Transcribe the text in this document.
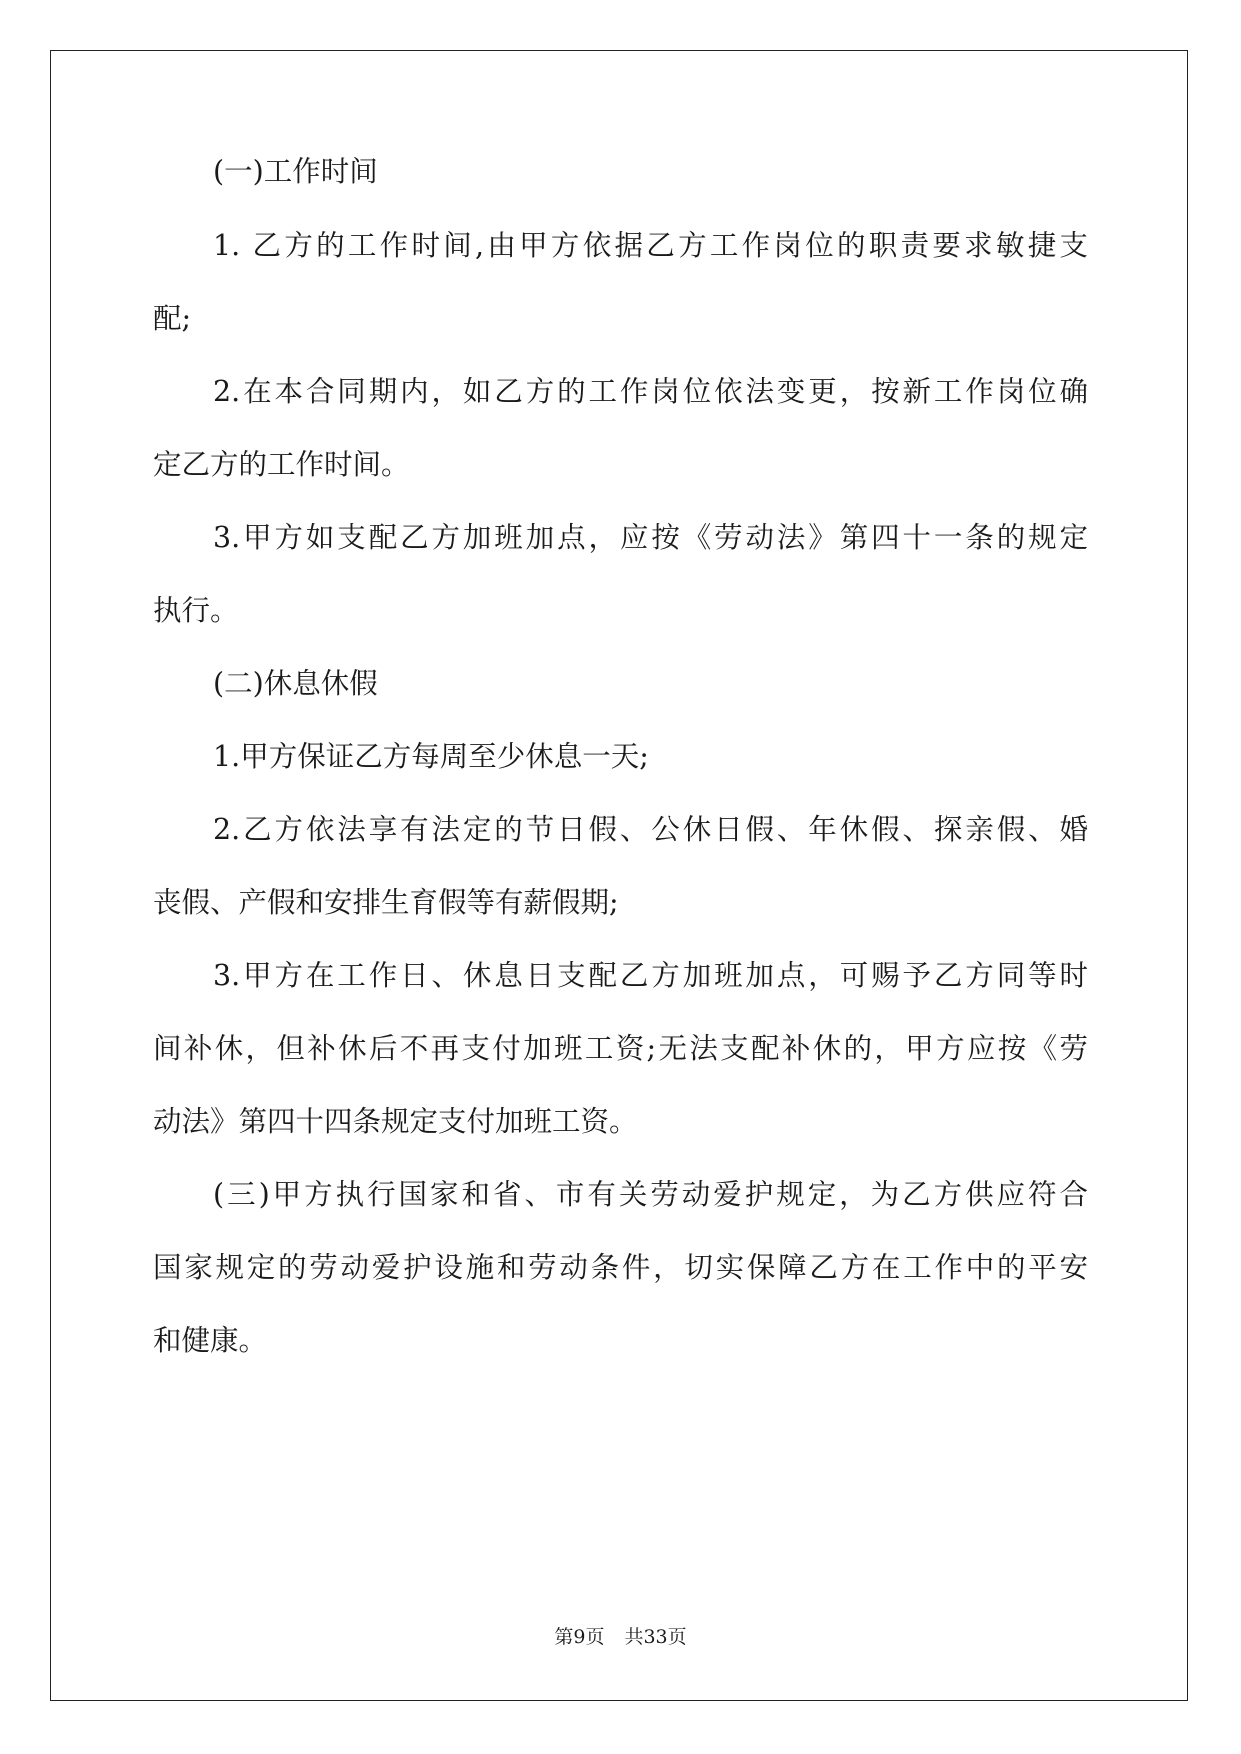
(一)工作时间
1. 乙方的工作时间,由甲方依据乙方工作岗位的职责要求敏捷支
配;
2.在本合同期内，如乙方的工作岗位依法变更，按新工作岗位确
定乙方的工作时间。
3.甲方如支配乙方加班加点，应按《劳动法》第四十一条的规定
执行。
(二)休息休假
1.甲方保证乙方每周至少休息一天;
2.乙方依法享有法定的节日假、公休日假、年休假、探亲假、婚
丧假、产假和安排生育假等有薪假期;
3.甲方在工作日、休息日支配乙方加班加点，可赐予乙方同等时
间补休，但补休后不再支付加班工资;无法支配补休的，甲方应按《劳
动法》第四十四条规定支付加班工资。
(三)甲方执行国家和省、市有关劳动爱护规定，为乙方供应符合
国家规定的劳动爱护设施和劳动条件，切实保障乙方在工作中的平安
和健康。
第9页 共33页
